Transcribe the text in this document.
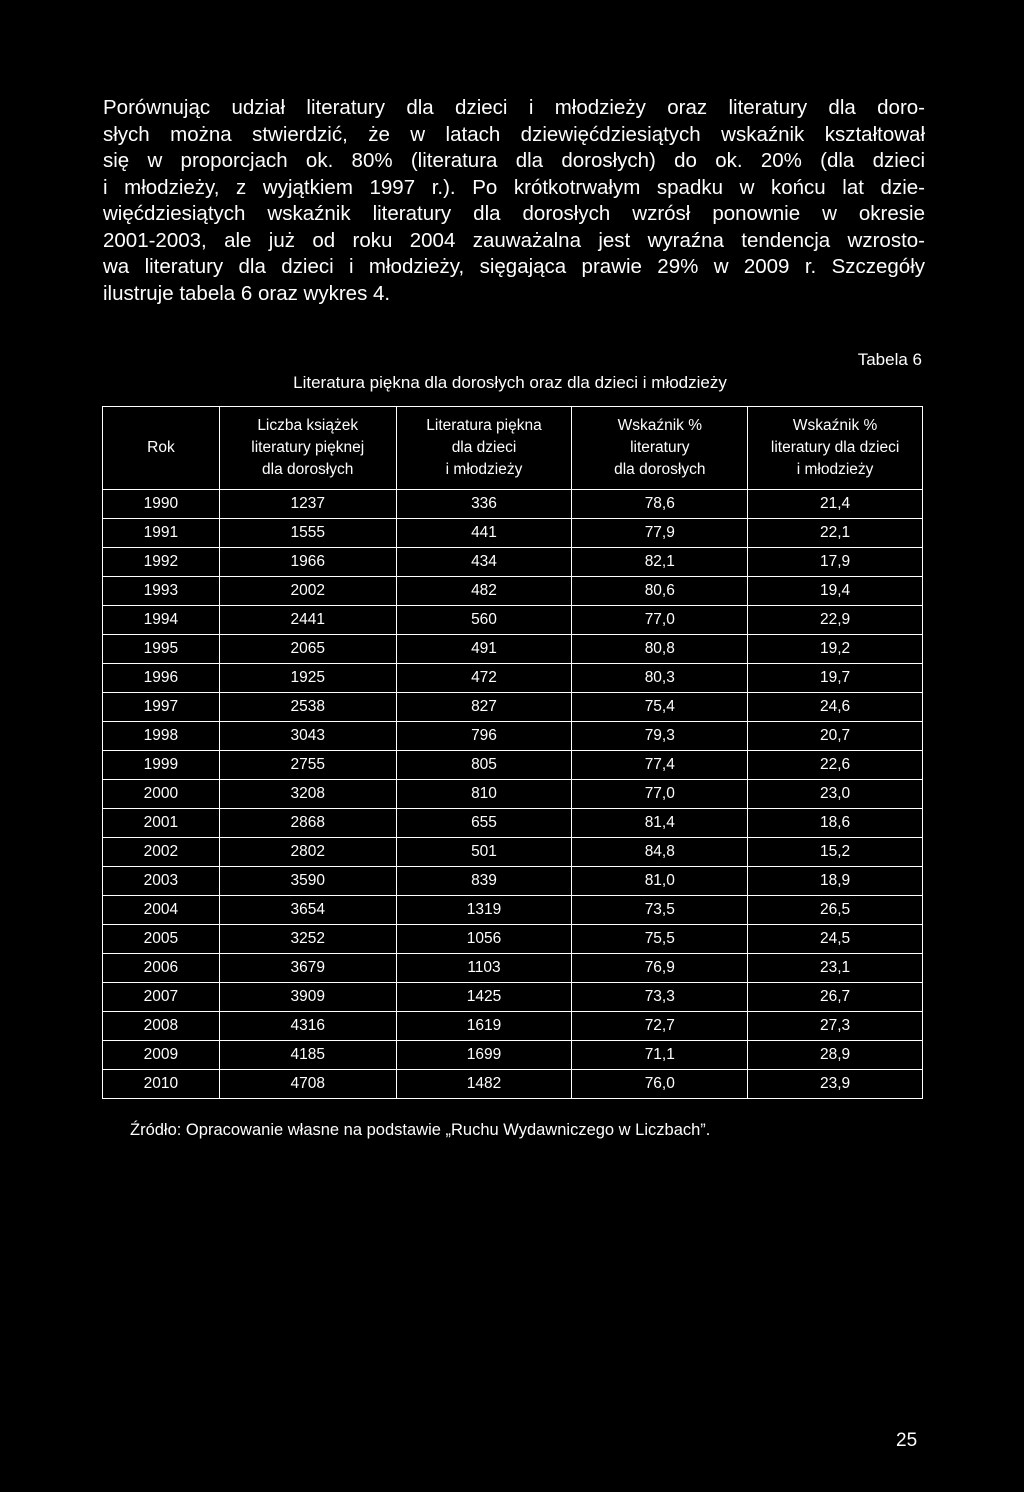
Porównując udział literatury dla dzieci i młodzieży oraz literatury dla doro-
słych można stwierdzić, że w latach dziewięćdziesiątych wskaźnik kształtował
się w proporcjach ok. 80% (literatura dla dorosłych) do ok. 20% (dla dzieci
i młodzieży, z wyjątkiem 1997 r.). Po krótkotrwałym spadku w końcu lat dzie-
więćdziesiątych wskaźnik literatury dla dorosłych wzrósł ponownie w okresie
2001-2003, ale już od roku 2004 zauważalna jest wyraźna tendencja wzrosto-
wa literatury dla dzieci i młodzieży, sięgająca prawie 29% w 2009 r. Szczegóły
ilustruje tabela 6 oraz wykres 4.
Tabela 6
Literatura piękna dla dorosłych oraz dla dzieci i młodzieży
Rok	Liczba książek
literatury pięknej
dla dorosłych	Literatura piękna
dla dzieci
i młodzieży	Wskaźnik %
literatury
dla dorosłych	Wskaźnik %
literatury dla dzieci
i młodzieży

1990	1237	336	78,6	21,4
1991	1555	441	77,9	22,1
1992	1966	434	82,1	17,9
1993	2002	482	80,6	19,4
1994	2441	560	77,0	22,9
1995	2065	491	80,8	19,2
1996	1925	472	80,3	19,7
1997	2538	827	75,4	24,6
1998	3043	796	79,3	20,7
1999	2755	805	77,4	22,6
2000	3208	810	77,0	23,0
2001	2868	655	81,4	18,6
2002	2802	501	84,8	15,2
2003	3590	839	81,0	18,9
2004	3654	1319	73,5	26,5
2005	3252	1056	75,5	24,5
2006	3679	1103	76,9	23,1
2007	3909	1425	73,3	26,7
2008	4316	1619	72,7	27,3
2009	4185	1699	71,1	28,9
2010	4708	1482	76,0	23,9
Źródło: Opracowanie własne na podstawie „Ruchu Wydawniczego w Liczbach”.
25
